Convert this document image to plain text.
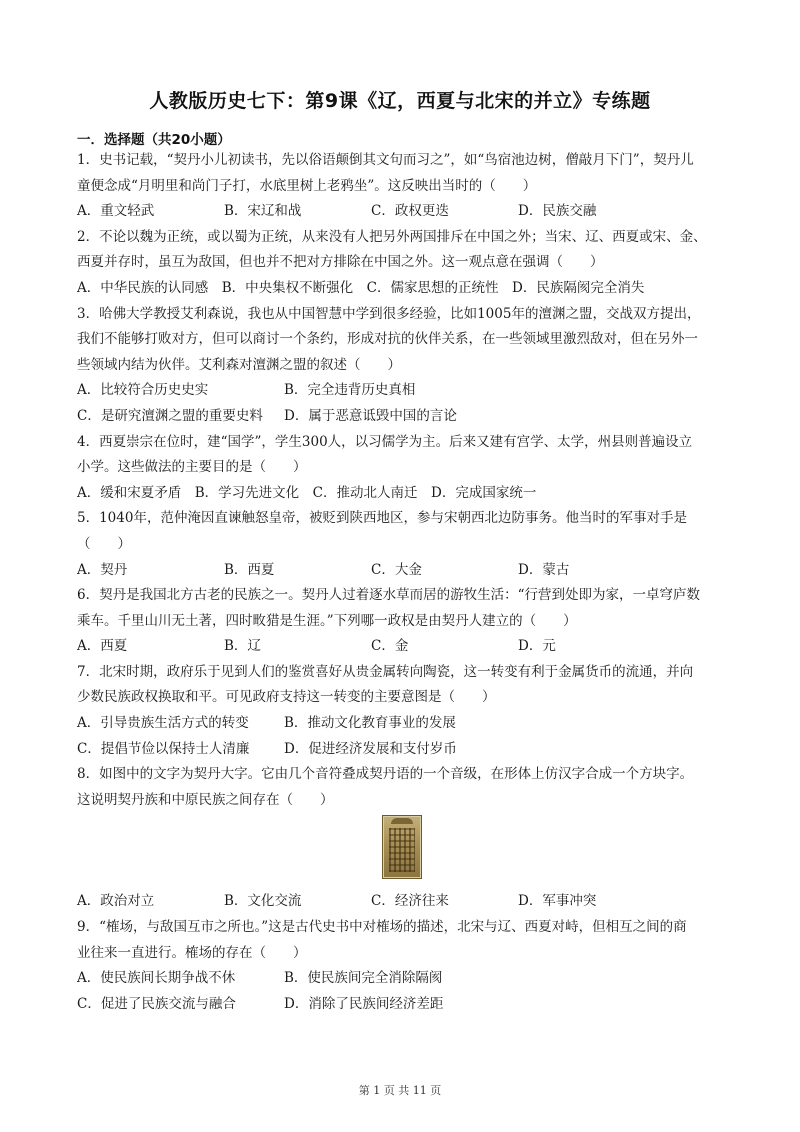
人教版历史七下：第9课《辽，西夏与北宋的并立》专练题
一．选择题（共20小题）
1．史书记载，“契丹小儿初读书，先以俗语颠倒其文句而习之”，如“鸟宿池边树，僧敲月下门”，契丹儿
童便念成“月明里和尚门子打，水底里树上老鸦坐”。这反映出当时的（　　）
A．重文轻武	B．宋辽和战	C．政权更迭	D．民族交融
2．不论以魏为正统，或以蜀为正统，从来没有人把另外两国排斥在中国之外；当宋、辽、西夏或宋、金、
西夏并存时，虽互为敌国，但也并不把对方排除在中国之外。这一观点意在强调（　　）
A．中华民族的认同感　B．中央集权不断强化　C．儒家思想的正统性　D．民族隔阂完全消失
3．哈佛大学教授艾利森说，我也从中国智慧中学到很多经验，比如1005年的澶渊之盟，交战双方提出，
我们不能够打败对方，但可以商讨一个条约，形成对抗的伙伴关系，在一些领域里激烈敌对，但在另外一
些领域内结为伙伴。艾利森对澶渊之盟的叙述（　　）
A．比较符合历史史实	B．完全违背历史真相
C．是研究澶渊之盟的重要史料	D．属于恶意诋毁中国的言论
4．西夏崇宗在位时，建“国学”，学生300人，以习儒学为主。后来又建有宫学、太学，州县则普遍设立
小学。这些做法的主要目的是（　　）
A．缓和宋夏矛盾　B．学习先进文化　C．推动北人南迁　D．完成国家统一
5．1040年，范仲淹因直谏触怒皇帝，被贬到陕西地区，参与宋朝西北边防事务。他当时的军事对手是
（　　）
A．契丹	B．西夏	C．大金	D．蒙古
6．契丹是我国北方古老的民族之一。契丹人过着逐水草而居的游牧生活：“行营到处即为家，一卓穹庐数
乘车。千里山川无土著，四时畋猎是生涯。”下列哪一政权是由契丹人建立的（　　）
A．西夏	B．辽	C．金	D．元
7．北宋时期，政府乐于见到人们的鉴赏喜好从贵金属转向陶瓷，这一转变有利于金属货币的流通，并向
少数民族政权换取和平。可见政府支持这一转变的主要意图是（　　）
A．引导贵族生活方式的转变	B．推动文化教育事业的发展
C．提倡节俭以保持士人清廉	D．促进经济发展和支付岁币
8．如图中的文字为契丹大字。它由几个音符叠成契丹语的一个音级，在形体上仿汉字合成一个方块字。
这说明契丹族和中原民族之间存在（　　）
A．政治对立	B．文化交流	C．经济往来	D．军事冲突
9．“榷场，与敌国互市之所也。”这是古代史书中对榷场的描述，北宋与辽、西夏对峙，但相互之间的商
业往来一直进行。榷场的存在（　　）
A．使民族间长期争战不休	B．使民族间完全消除隔阂
C．促进了民族交流与融合	D．消除了民族间经济差距
第 1 页 共 11 页
